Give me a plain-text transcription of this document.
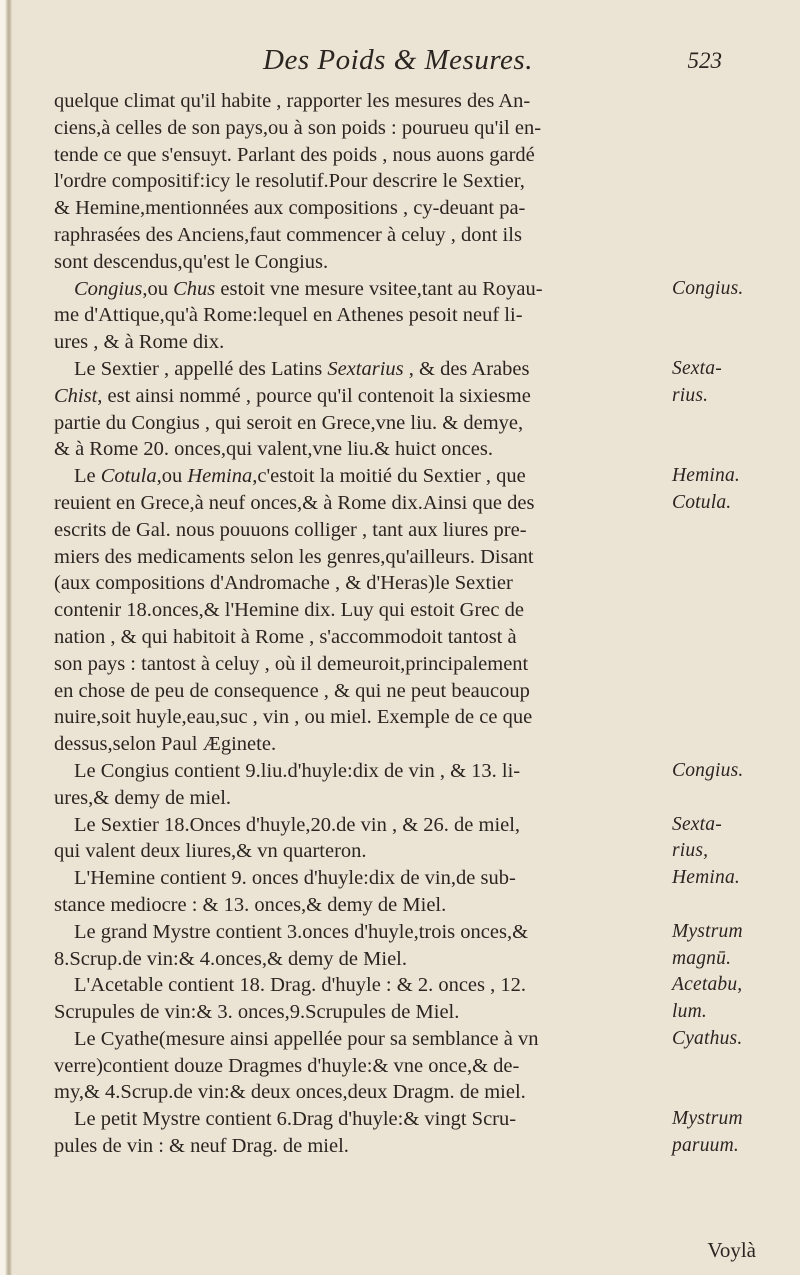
Des Poids & Mesures.	523
quelque climat qu'il habite , rapporter les mesures des An-
ciens,à celles de son pays,ou à son poids : pourueu qu'il en-
tende ce que s'ensuyt. Parlant des poids , nous auons gardé
l'ordre compositif:icy le resolutif.Pour descrire le Sextier,
& Hemine,mentionnées aux compositions , cy-deuant pa-
raphrasées des Anciens,faut commencer à celuy , dont ils
sont descendus,qu'est le Congius.
Congius,ou Chus estoit vne mesure vsitee,tant au Royau-	Congius.
me d'Attique,qu'à Rome:lequel en Athenes pesoit neuf li-
ures , & à Rome dix.
Le Sextier , appellé des Latins Sextarius , & des Arabes	Sexta-
Chist, est ainsi nommé , pource qu'il contenoit la sixiesme	rius.
partie du Congius , qui seroit en Grece,vne liu. & demye,
& à Rome 20. onces,qui valent,vne liu.& huict onces.
Le Cotula,ou Hemina,c'estoit la moitié du Sextier , que	Hemina.
reuient en Grece,à neuf onces,& à Rome dix.Ainsi que des	Cotula.
escrits de Gal. nous pouuons colliger , tant aux liures pre-
miers des medicaments selon les genres,qu'ailleurs. Disant
(aux compositions d'Andromache , & d'Heras)le Sextier
contenir 18.onces,& l'Hemine dix. Luy qui estoit Grec de
nation , & qui habitoit à Rome , s'accommodoit tantost à
son pays : tantost à celuy , où il demeuroit,principalement
en chose de peu de consequence , & qui ne peut beaucoup
nuire,soit huyle,eau,suc , vin , ou miel. Exemple de ce que
dessus,selon Paul Æginete.
Le Congius contient 9.liu.d'huyle:dix de vin , & 13. li-	Congius.
ures,& demy de miel.
Le Sextier 18.Onces d'huyle,20.de vin , & 26. de miel,	Sexta-
qui valent deux liures,& vn quarteron.	rius,
L'Hemine contient 9. onces d'huyle:dix de vin,de sub-	Hemina.
stance mediocre : & 13. onces,& demy de Miel.
Le grand Mystre contient 3.onces d'huyle,trois onces,&	Mystrum
8.Scrup.de vin:& 4.onces,& demy de Miel.	magnū.
L'Acetable contient 18. Drag. d'huyle : & 2. onces , 12.	Acetabu,
Scrupules de vin:& 3. onces,9.Scrupules de Miel.	lum.
Le Cyathe(mesure ainsi appellée pour sa semblance à vn	Cyathus.
verre)contient douze Dragmes d'huyle:& vne once,& de-
my,& 4.Scrup.de vin:& deux onces,deux Dragm. de miel.
Le petit Mystre contient 6.Drag d'huyle:& vingt Scru-	Mystrum
pules de vin : & neuf Drag. de miel.	paruum.
Voylà
